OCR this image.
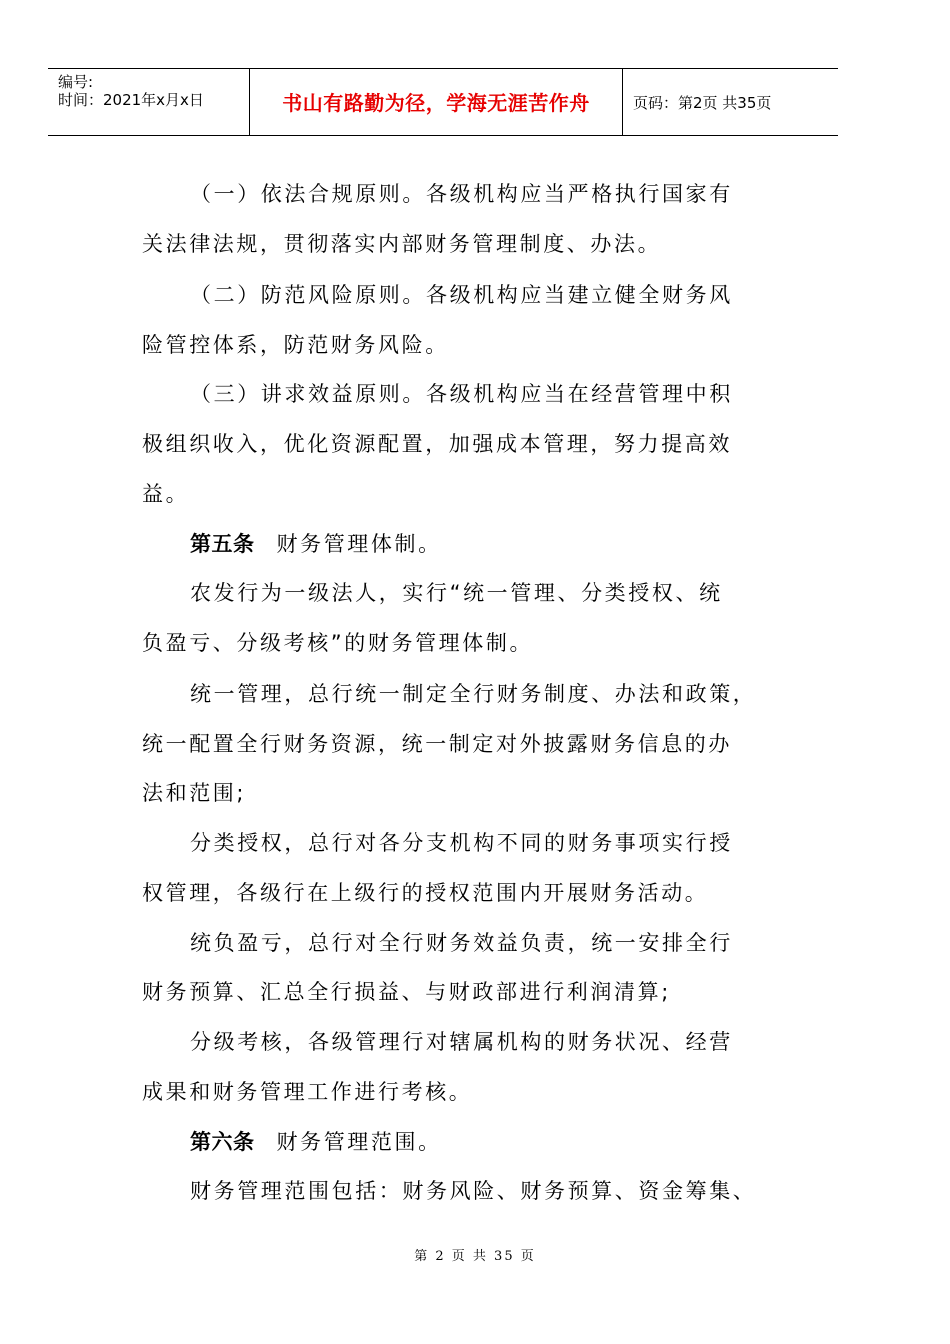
编号:
时间：2021年x月x日	书山有路勤为径，学海无涯苦作舟	页码：第2页 共35页
（一）依法合规原则。各级机构应当严格执行国家有
关法律法规，贯彻落实内部财务管理制度、办法。
（二）防范风险原则。各级机构应当建立健全财务风
险管控体系，防范财务风险。
（三）讲求效益原则。各级机构应当在经营管理中积
极组织收入，优化资源配置，加强成本管理，努力提高效
益。
第五条 财务管理体制。
农发行为一级法人，实行“统一管理、分类授权、统
负盈亏、分级考核”的财务管理体制。
统一管理，总行统一制定全行财务制度、办法和政策，
统一配置全行财务资源，统一制定对外披露财务信息的办
法和范围;
分类授权，总行对各分支机构不同的财务事项实行授
权管理，各级行在上级行的授权范围内开展财务活动。
统负盈亏，总行对全行财务效益负责，统一安排全行
财务预算、汇总全行损益、与财政部进行利润清算;
分级考核，各级管理行对辖属机构的财务状况、经营
成果和财务管理工作进行考核。
第六条 财务管理范围。
财务管理范围包括：财务风险、财务预算、资金筹集、
第 2 页 共 35 页
